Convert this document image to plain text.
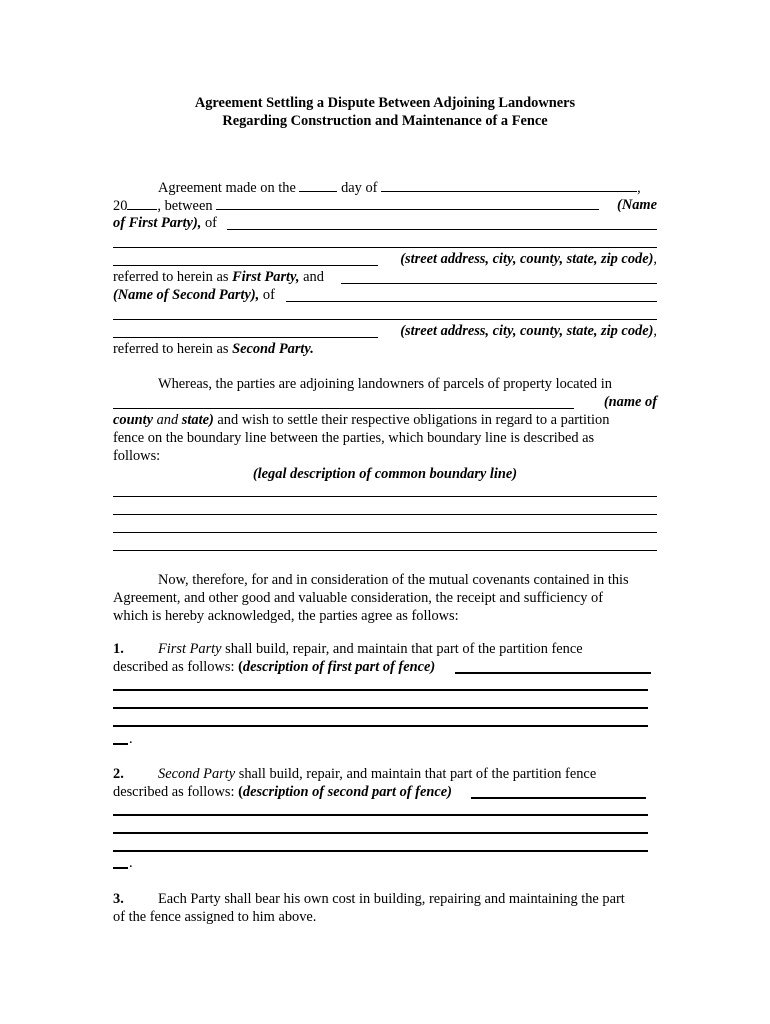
Agreement Settling a Dispute Between Adjoining Landowners
Regarding Construction and Maintenance of a Fence
Agreement made on the	day of	,
20 , between	(Name
of First Party), of
(street address, city, county, state, zip code),
referred to herein as First Party, and
(Name of Second Party), of
(street address, city, county, state, zip code),
referred to herein as Second Party.
Whereas, the parties are adjoining landowners of parcels of property located in
(name of
county and state) and wish to settle their respective obligations in regard to a partition
fence on the boundary line between the parties, which boundary line is described as
follows:
(legal description of common boundary line)
Now, therefore, for and in consideration of the mutual covenants contained in this
Agreement, and other good and valuable consideration, the receipt and sufficiency of
which is hereby acknowledged, the parties agree as follows:
1. First Party shall build, repair, and maintain that part of the partition fence
described as follows: (description of first part of fence)
.
2. Second Party shall build, repair, and maintain that part of the partition fence
described as follows: (description of second part of fence)
.
3. Each Party shall bear his own cost in building, repairing and maintaining the part
of the fence assigned to him above.
